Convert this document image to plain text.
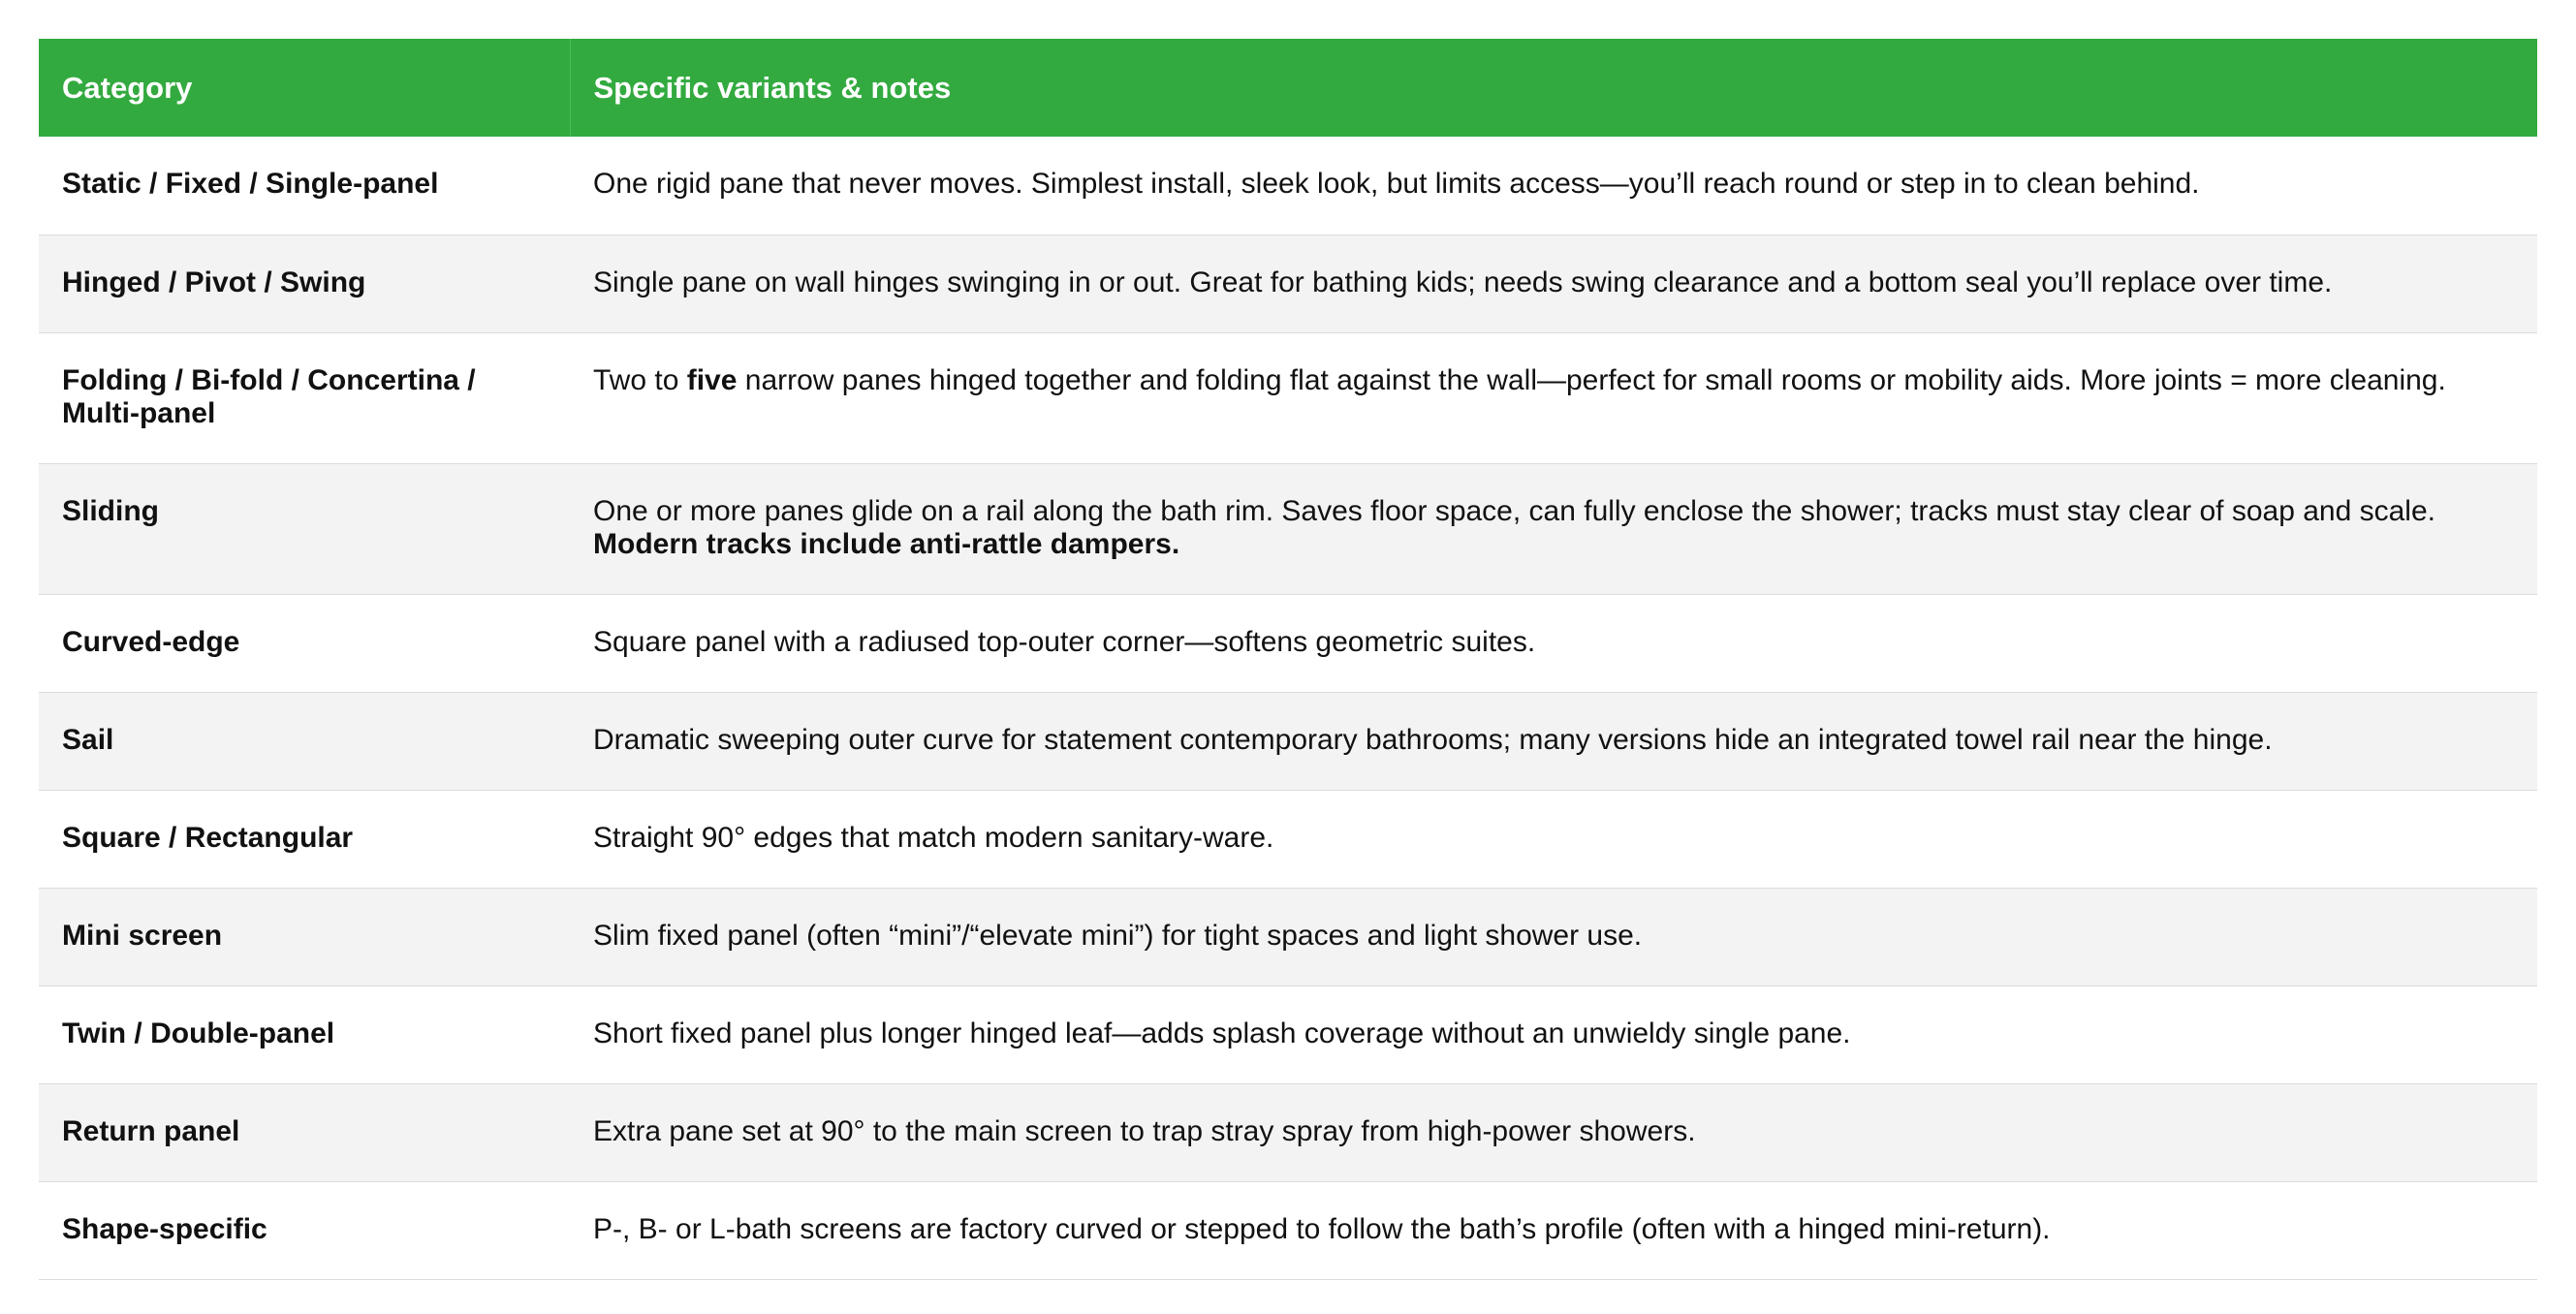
Category	Specific variants & notes
Static / Fixed / Single-panel	One rigid pane that never moves. Simplest install, sleek look, but limits access—you’ll reach round or step in to clean behind.
Hinged / Pivot / Swing	Single pane on wall hinges swinging in or out. Great for bathing kids; needs swing clearance and a bottom seal you’ll replace over time.
Folding / Bi-fold / Concertina / Multi-panel	Two to five narrow panes hinged together and folding flat against the wall—perfect for small rooms or mobility aids. More joints = more cleaning.
Sliding	One or more panes glide on a rail along the bath rim. Saves floor space, can fully enclose the shower; tracks must stay clear of soap and scale.
Modern tracks include anti-rattle dampers.
Curved-edge	Square panel with a radiused top-outer corner—softens geometric suites.
Sail	Dramatic sweeping outer curve for statement contemporary bathrooms; many versions hide an integrated towel rail near the hinge.
Square / Rectangular	Straight 90° edges that match modern sanitary-ware.
Mini screen	Slim fixed panel (often “mini”/“elevate mini”) for tight spaces and light shower use.
Twin / Double-panel	Short fixed panel plus longer hinged leaf—adds splash coverage without an unwieldy single pane.
Return panel	Extra pane set at 90° to the main screen to trap stray spray from high-power showers.
Shape-specific	P-, B- or L-bath screens are factory curved or stepped to follow the bath’s profile (often with a hinged mini-return).
